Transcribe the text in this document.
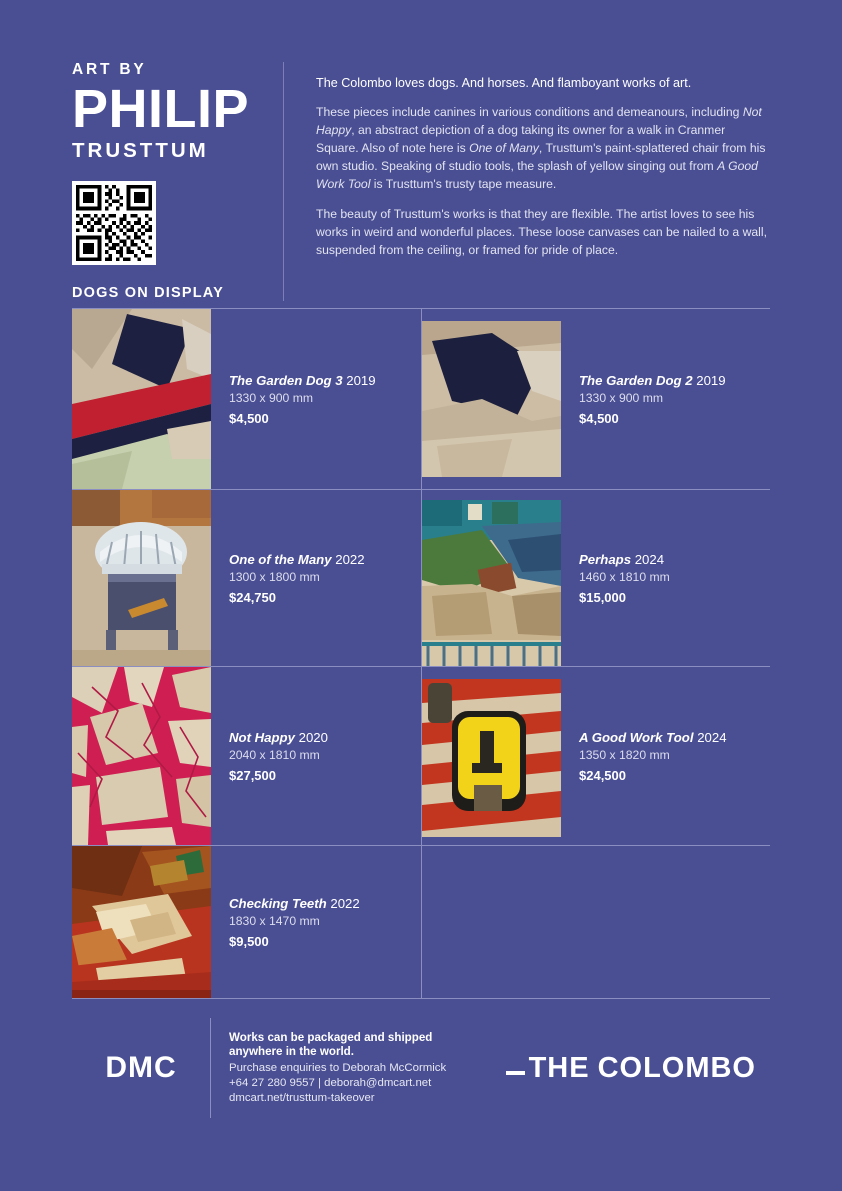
ART BY
PHILIP
TRUSTTUM
DOGS ON DISPLAY

The Colombo loves dogs. And horses. And flamboyant works of art.

These pieces include canines in various conditions and demeanours, including Not Happy, an abstract depiction of a dog taking its owner for a walk in Cranmer Square. Also of note here is One of Many, Trusttum's paint-splattered chair from his own studio. Speaking of studio tools, the splash of yellow singing out from A Good Work Tool is Trusttum's trusty tape measure.

The beauty of Trusttum's works is that they are flexible. The artist loves to see his works in weird and wonderful places. These loose canvases can be nailed to a wall, suspended from the ceiling, or framed for pride of place.

The Garden Dog 3 2019
1330 x 900 mm
$4,500
The Garden Dog 2 2019
1330 x 900 mm
$4,500
One of the Many 2022
1300 x 1800 mm
$24,750
Perhaps 2024
1460 x 1810 mm
$15,000
Not Happy 2020
2040 x 1810 mm
$27,500
A Good Work Tool 2024
1350 x 1820 mm
$24,500
Checking Teeth 2022
1830 x 1470 mm
$9,500
DMC
Works can be packaged and shipped
anywhere in the world.
Purchase enquiries to Deborah McCormick
+64 27 280 9557 | deborah@dmcart.net
dmcart.net/trusttum-takeover
THE COLOMBO
